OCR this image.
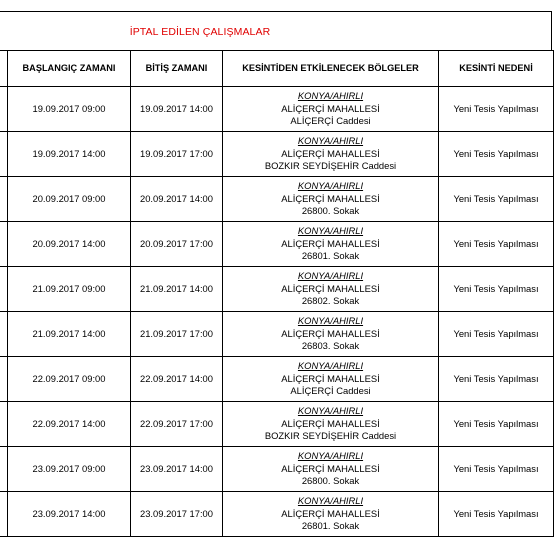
İPTAL EDİLEN ÇALIŞMALAR
	BAŞLANGIÇ ZAMANI	BİTİŞ ZAMANI	KESİNTİDEN ETKİLENECEK BÖLGELER	KESİNTİ NEDENİ
	19.09.2017 09:00	19.09.2017 14:00	KONYA/AHIRLI
ALİÇERÇİ MAHALLESİ
ALİÇERÇİ Caddesi	Yeni Tesis Yapılması
	19.09.2017 14:00	19.09.2017 17:00	KONYA/AHIRLI
ALİÇERÇİ MAHALLESİ
BOZKIR SEYDİŞEHİR Caddesi	Yeni Tesis Yapılması
	20.09.2017 09:00	20.09.2017 14:00	KONYA/AHIRLI
ALİÇERÇİ MAHALLESİ
26800. Sokak	Yeni Tesis Yapılması
	20.09.2017 14:00	20.09.2017 17:00	KONYA/AHIRLI
ALİÇERÇİ MAHALLESİ
26801. Sokak	Yeni Tesis Yapılması
	21.09.2017 09:00	21.09.2017 14:00	KONYA/AHIRLI
ALİÇERÇİ MAHALLESİ
26802. Sokak	Yeni Tesis Yapılması
	21.09.2017 14:00	21.09.2017 17:00	KONYA/AHIRLI
ALİÇERÇİ MAHALLESİ
26803. Sokak	Yeni Tesis Yapılması
	22.09.2017 09:00	22.09.2017 14:00	KONYA/AHIRLI
ALİÇERÇİ MAHALLESİ
ALİÇERÇİ Caddesi	Yeni Tesis Yapılması
	22.09.2017 14:00	22.09.2017 17:00	KONYA/AHIRLI
ALİÇERÇİ MAHALLESİ
BOZKIR SEYDİŞEHİR Caddesi	Yeni Tesis Yapılması
	23.09.2017 09:00	23.09.2017 14:00	KONYA/AHIRLI
ALİÇERÇİ MAHALLESİ
26800. Sokak	Yeni Tesis Yapılması
	23.09.2017 14:00	23.09.2017 17:00	KONYA/AHIRLI
ALİÇERÇİ MAHALLESİ
26801. Sokak	Yeni Tesis Yapılması
